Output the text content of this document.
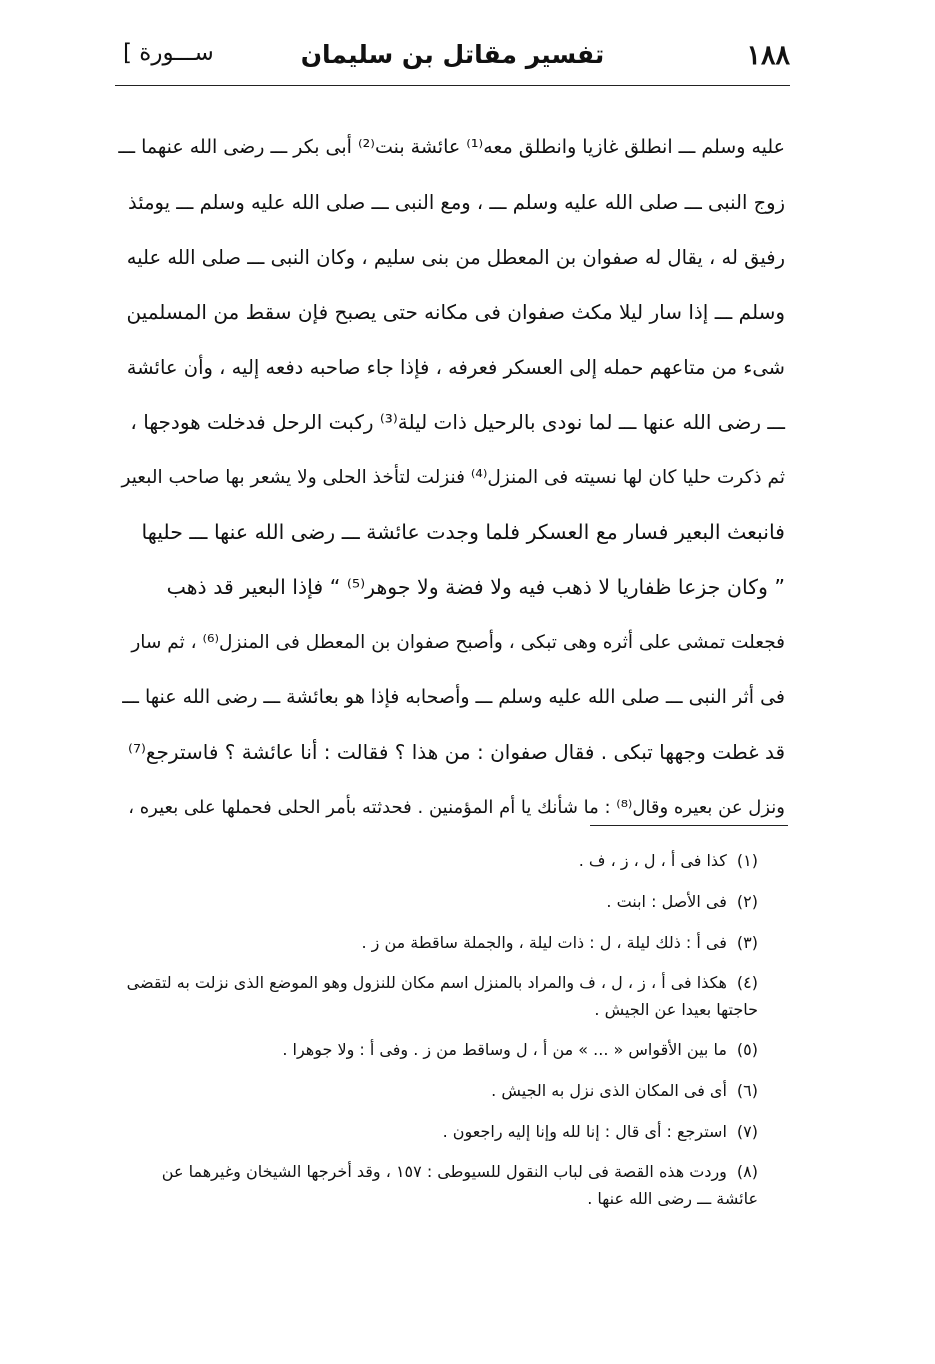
١٨٨
تفسير مقاتل بن سليمان
[ ســـورة
عليه وسلم ـــ انطلق غازيا وانطلق معه⁽¹⁾ عائشة بنت⁽²⁾ أبى بكر ـــ رضى الله عنهما ـــ
زوج النبى ـــ صلى الله عليه وسلم ـــ ، ومع النبى ـــ صلى الله عليه وسلم ـــ يومئذ
رفيق له ، يقال له صفوان بن المعطل من بنى سليم ، وكان النبى ـــ صلى الله عليه
وسلم ـــ إذا سار ليلا مكث صفوان فى مكانه حتى يصبح فإن سقط من المسلمين
شىء من متاعهم حمله إلى العسكر فعرفه ، فإذا جاء صاحبه دفعه إليه ، وأن عائشة
ـــ رضى الله عنها ـــ لما نودى بالرحيل ذات ليلة⁽³⁾ ركبت الرحل فدخلت هودجها ،
ثم ذكرت حليا كان لها نسيته فى المنزل⁽⁴⁾ فنزلت لتأخذ الحلى ولا يشعر بها صاحب البعير
فانبعث البعير فسار مع العسكر فلما وجدت عائشة ـــ رضى الله عنها ـــ حليها
” وكان جزعا ظفاريا لا ذهب فيه ولا فضة ولا جوهر⁽⁵⁾ “ فإذا البعير قد ذهب
فجعلت تمشى على أثره وهى تبكى ، وأصبح صفوان بن المعطل فى المنزل⁽⁶⁾ ، ثم سار
فى أثر النبى ـــ صلى الله عليه وسلم ـــ وأصحابه فإذا هو بعائشة ـــ رضى الله عنها ـــ
قد غطت وجهها تبكى . فقال صفوان : من هذا ؟ فقالت : أنا عائشة ؟ فاسترجع⁽⁷⁾
ونزل عن بعيره وقال⁽⁸⁾ : ما شأنك يا أم المؤمنين . فحدثته بأمر الحلى فحملها على بعيره ،
(١)كذا فى أ ، ل ، ز ، ف .
(٢)فى الأصل : ابنت .
(٣)فى أ : ذلك ليلة ، ل : ذات ليلة ، والجملة ساقطة من ز .
(٤)هكذا فى أ ، ز ، ل ، ف والمراد بالمنزل اسم مكان للنزول وهو الموضع الذى نزلت به لتقضى حاجتها بعيدا عن الجيش .
(٥)ما بين الأقواس « ... » من أ ، ل وساقط من ز . وفى أ : ولا جوهرا .
(٦)أى فى المكان الذى نزل به الجيش .
(٧)استرجع : أى قال : إنا لله وإنا إليه راجعون .
(٨)وردت هذه القصة فى لباب النقول للسيوطى : ١٥٧ ، وقد أخرجها الشيخان وغيرهما عن عائشة ـــ رضى الله عنها .
